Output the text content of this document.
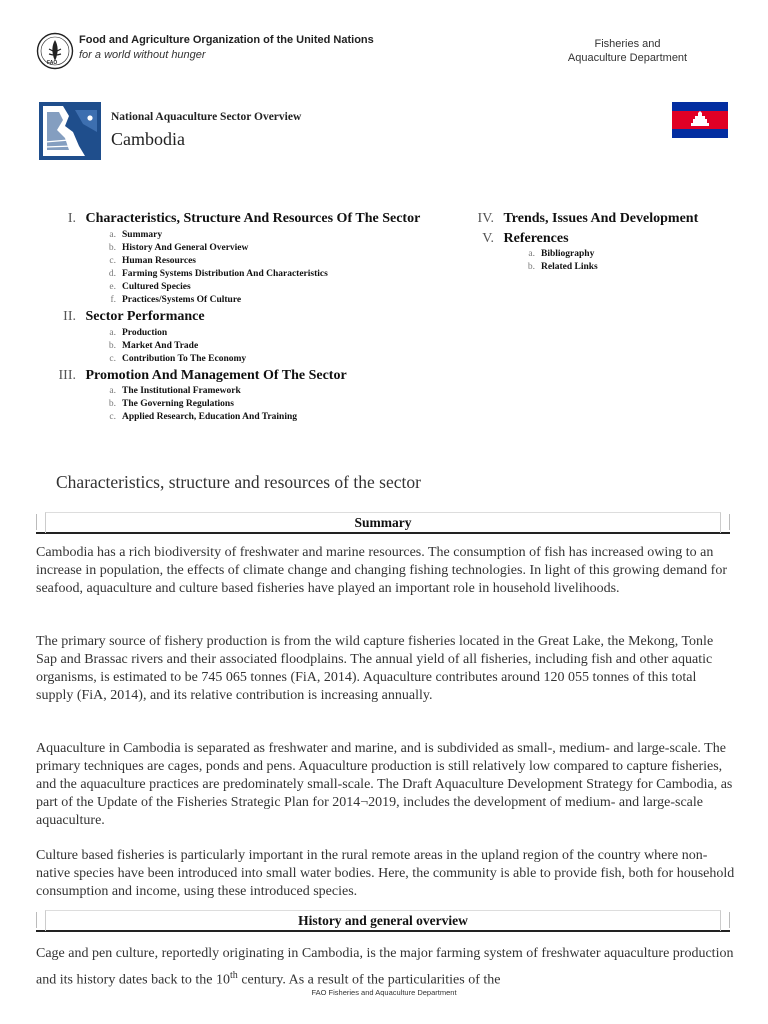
FAO
Food and Agriculture Organization of the United Nations
for a world without hunger
Fisheries and
Aquaculture Department
National Aquaculture Sector Overview
Cambodia
I. Characteristics, Structure And Resources Of The Sector
a. Summary
b. History And General Overview
c. Human Resources
d. Farming Systems Distribution And Characteristics
e. Cultured Species
f. Practices/Systems Of Culture
II. Sector Performance
a. Production
b. Market And Trade
c. Contribution To The Economy
III. Promotion And Management Of The Sector
a. The Institutional Framework
b. The Governing Regulations
c. Applied Research, Education And Training
IV. Trends, Issues And Development
V. References
a. Bibliography
b. Related Links
Characteristics, structure and resources of the sector
Summary
Cambodia has a rich biodiversity of freshwater and marine resources. The consumption of fish has increased owing to an increase in population, the effects of climate change and changing fishing technologies. In light of this growing demand for seafood, aquaculture and culture based fisheries have played an important role in household livelihoods.
The primary source of fishery production is from the wild capture fisheries located in the Great Lake, the Mekong, Tonle Sap and Brassac rivers and their associated floodplains. The annual yield of all fisheries, including fish and other aquatic organisms, is estimated to be 745 065 tonnes (FiA, 2014). Aquaculture contributes around 120 055 tonnes of this total supply (FiA, 2014), and its relative contribution is increasing annually.
Aquaculture in Cambodia is separated as freshwater and marine, and is subdivided as small-, medium- and large-scale. The primary techniques are cages, ponds and pens. Aquaculture production is still relatively low compared to capture fisheries, and the aquaculture practices are predominately small-scale. The Draft Aquaculture Development Strategy for Cambodia, as part of the Update of the Fisheries Strategic Plan for 2014¬2019, includes the development of medium- and large-scale aquaculture.
Culture based fisheries is particularly important in the rural remote areas in the upland region of the country where non-native species have been introduced into small water bodies. Here, the community is able to provide fish, both for household consumption and income, using these introduced species.
History and general overview
Cage and pen culture, reportedly originating in Cambodia, is the major farming system of freshwater aquaculture production and its history dates back to the 10th century. As a result of the particularities of the
FAO Fisheries and Aquaculture Department
